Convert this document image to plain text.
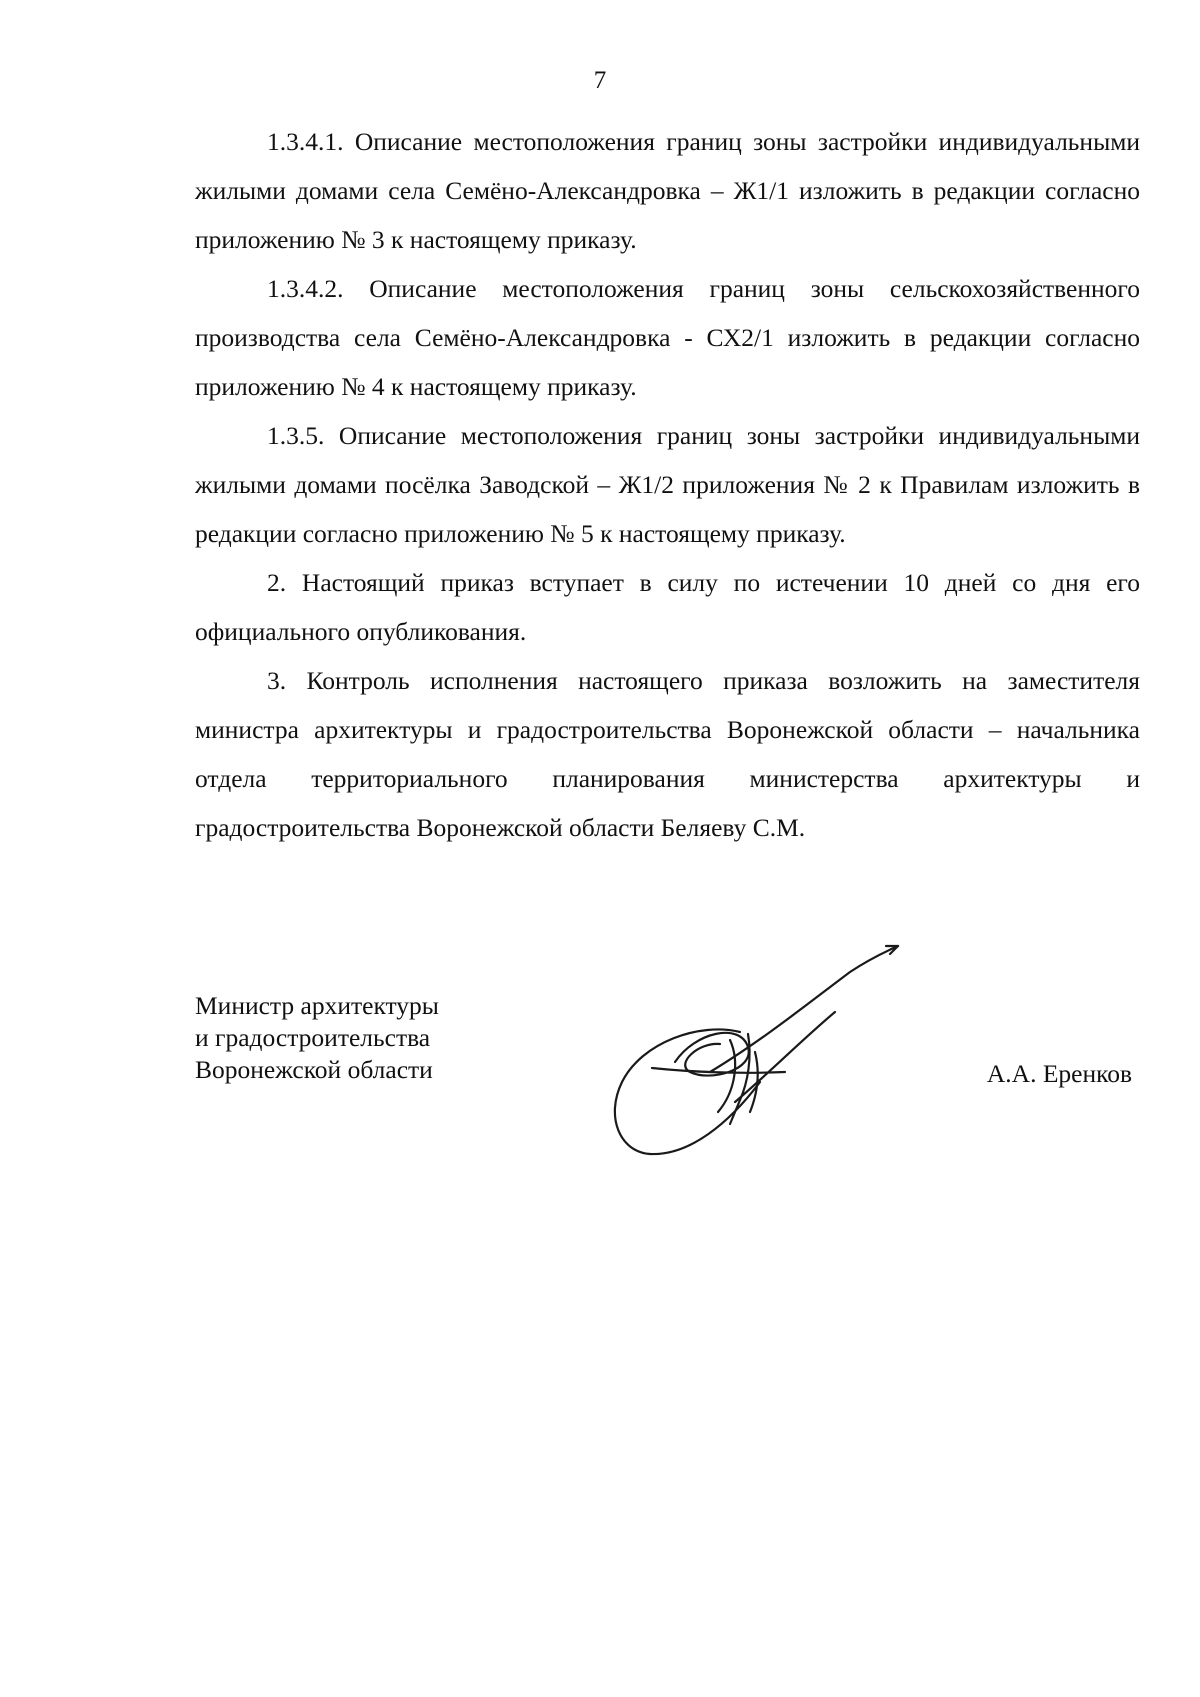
7

1.3.4.1. Описание местоположения границ зоны застройки индивидуальными жилыми домами села Семёно-Александровка – Ж1/1 изложить в редакции согласно приложению № 3 к настоящему приказу.

1.3.4.2. Описание местоположения границ зоны сельскохозяйственного производства села Семёно-Александровка - СХ2/1 изложить в редакции согласно приложению № 4 к настоящему приказу.

1.3.5. Описание местоположения границ зоны застройки индивидуальными жилыми домами посёлка Заводской – Ж1/2 приложения № 2 к Правилам изложить в редакции согласно приложению № 5 к настоящему приказу.

2. Настоящий приказ вступает в силу по истечении 10 дней со дня его официального опубликования.

3. Контроль исполнения настоящего приказа возложить на заместителя министра архитектуры и градостроительства Воронежской области – начальника отдела территориального планирования министерства архитектуры и градостроительства Воронежской области Беляеву С.М.

Министр архитектуры
и градостроительства
Воронежской области	А.А. Еренков
